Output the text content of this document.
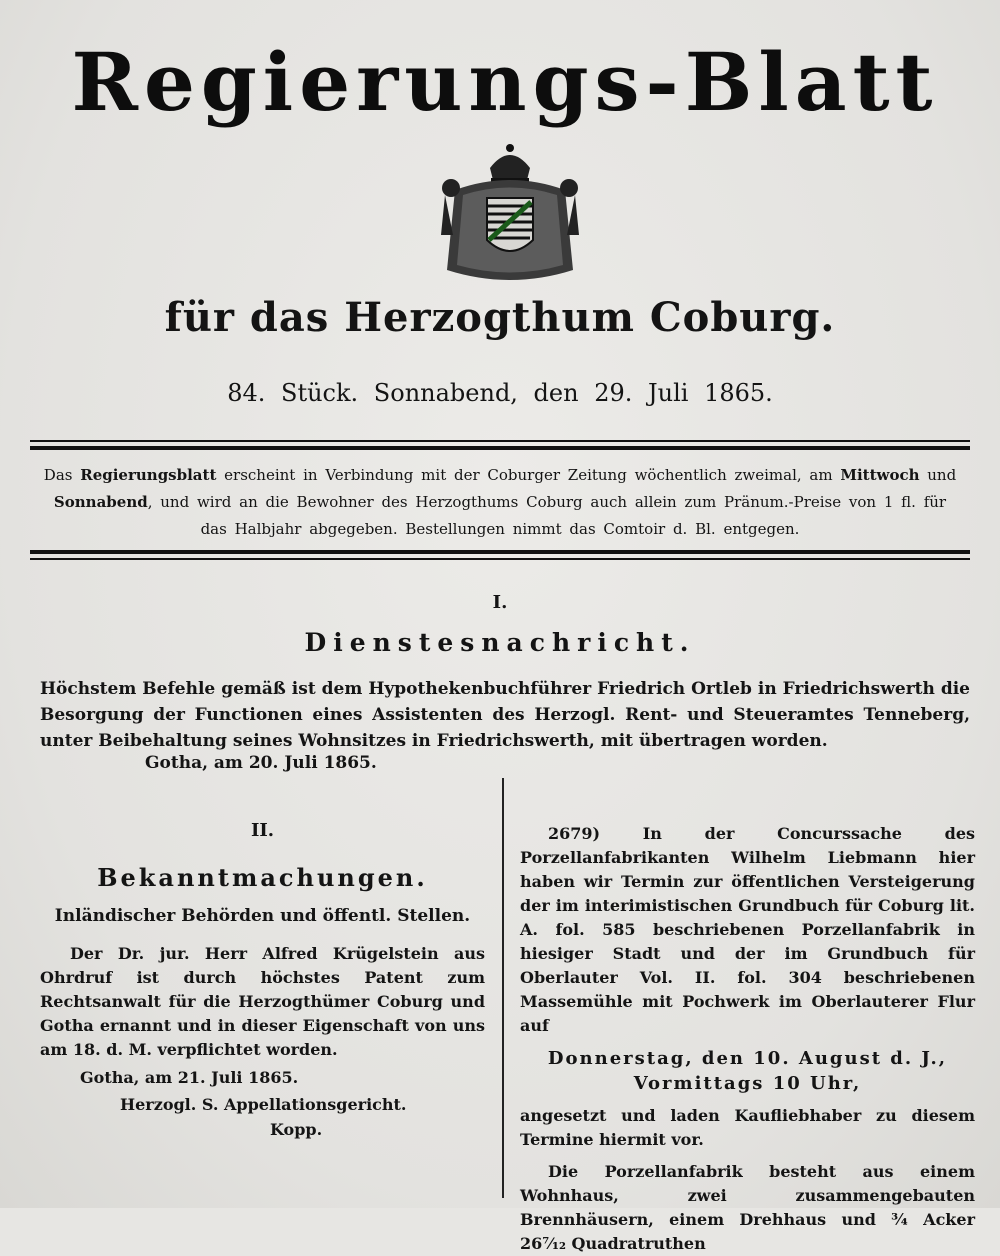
Regierungs-Blatt
für das Herzogthum Coburg.
84. Stück. Sonnabend, den 29. Juli 1865.
Das Regierungsblatt erscheint in Verbindung mit der Coburger Zeitung wöchentlich zweimal, am Mittwoch und Sonnabend, und wird an die Bewohner des Herzogthums Coburg auch allein zum Pränum.-Preise von 1 fl. für das Halbjahr abgegeben. Bestellungen nimmt das Comtoir d. Bl. entgegen.
I.
Dienstesnachricht.
Höchstem Befehle gemäß ist dem Hypothekenbuchführer Friedrich Ortleb in Friedrichswerth die Besorgung der Functionen eines Assistenten des Herzogl. Rent- und Steueramtes Tenneberg, unter Beibehaltung seines Wohnsitzes in Friedrichswerth, mit übertragen worden.
Gotha, am 20. Juli 1865.
II.
Bekanntmachungen.
Inländischer Behörden und öffentl. Stellen.
Der Dr. jur. Herr Alfred Krügelstein aus Ohrdruf ist durch höchstes Patent zum Rechtsanwalt für die Herzogthümer Coburg und Gotha ernannt und in dieser Eigenschaft von uns am 18. d. M. verpflichtet worden.
Gotha, am 21. Juli 1865.
Herzogl. S. Appellationsgericht.
Kopp.
2679) In der Concurssache des Porzellanfabrikanten Wilhelm Liebmann hier haben wir Termin zur öffentlichen Versteigerung der im interimistischen Grundbuch für Coburg lit. A. fol. 585 beschriebenen Porzellanfabrik in hiesiger Stadt und der im Grundbuch für Oberlauter Vol. II. fol. 304 beschriebenen Massemühle mit Pochwerk im Oberlauterer Flur auf
Donnerstag, den 10. August d. J.,
Vormittags 10 Uhr,
angesetzt und laden Kaufliebhaber zu diesem Termine hiermit vor.
Die Porzellanfabrik besteht aus einem Wohnhaus, zwei zusammengebauten Brennhäusern, einem Drehhaus und ¾ Acker 26⁷⁄₁₂ Quadratruthen
